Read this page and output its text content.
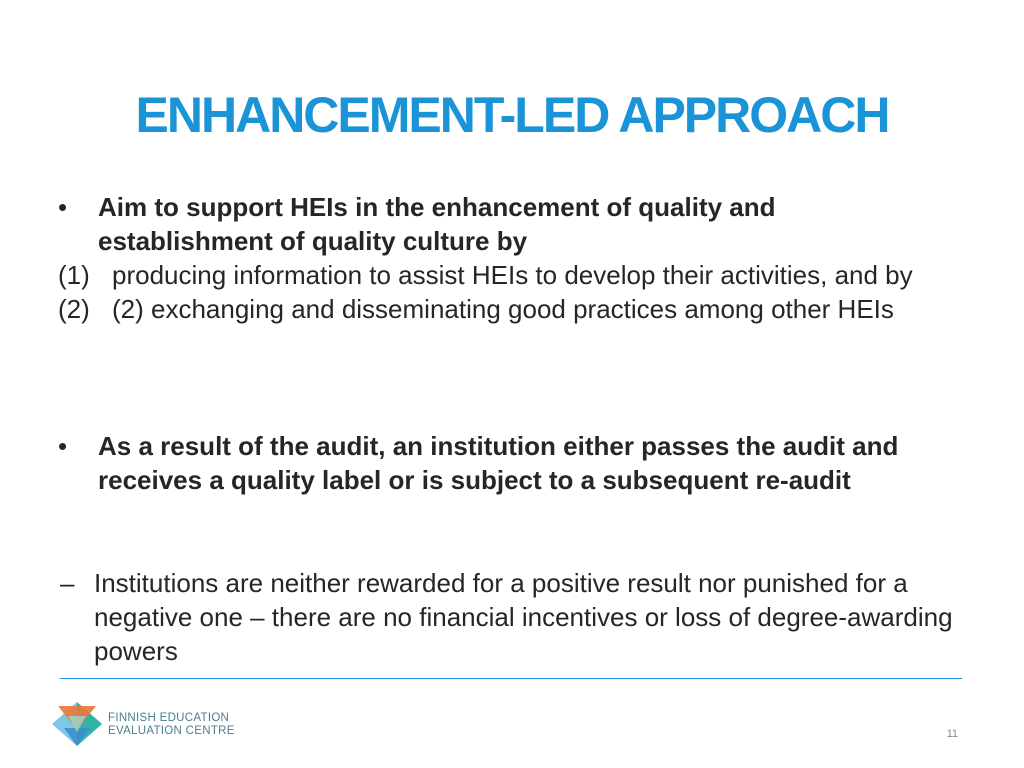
ENHANCEMENT-LED APPROACH
•	Aim to support HEIs in the enhancement of quality and establishment of quality culture by
(1) producing information to assist HEIs to develop their activities, and by
(2) (2) exchanging and disseminating good practices among other HEIs
•	As a result of the audit, an institution either passes the audit and receives a quality label or is subject to a subsequent re-audit
– Institutions are neither rewarded for a positive result nor punished for a negative one – there are no financial incentives or loss of degree-awarding powers
FINNISH EDUCATION
EVALUATION CENTRE	11
